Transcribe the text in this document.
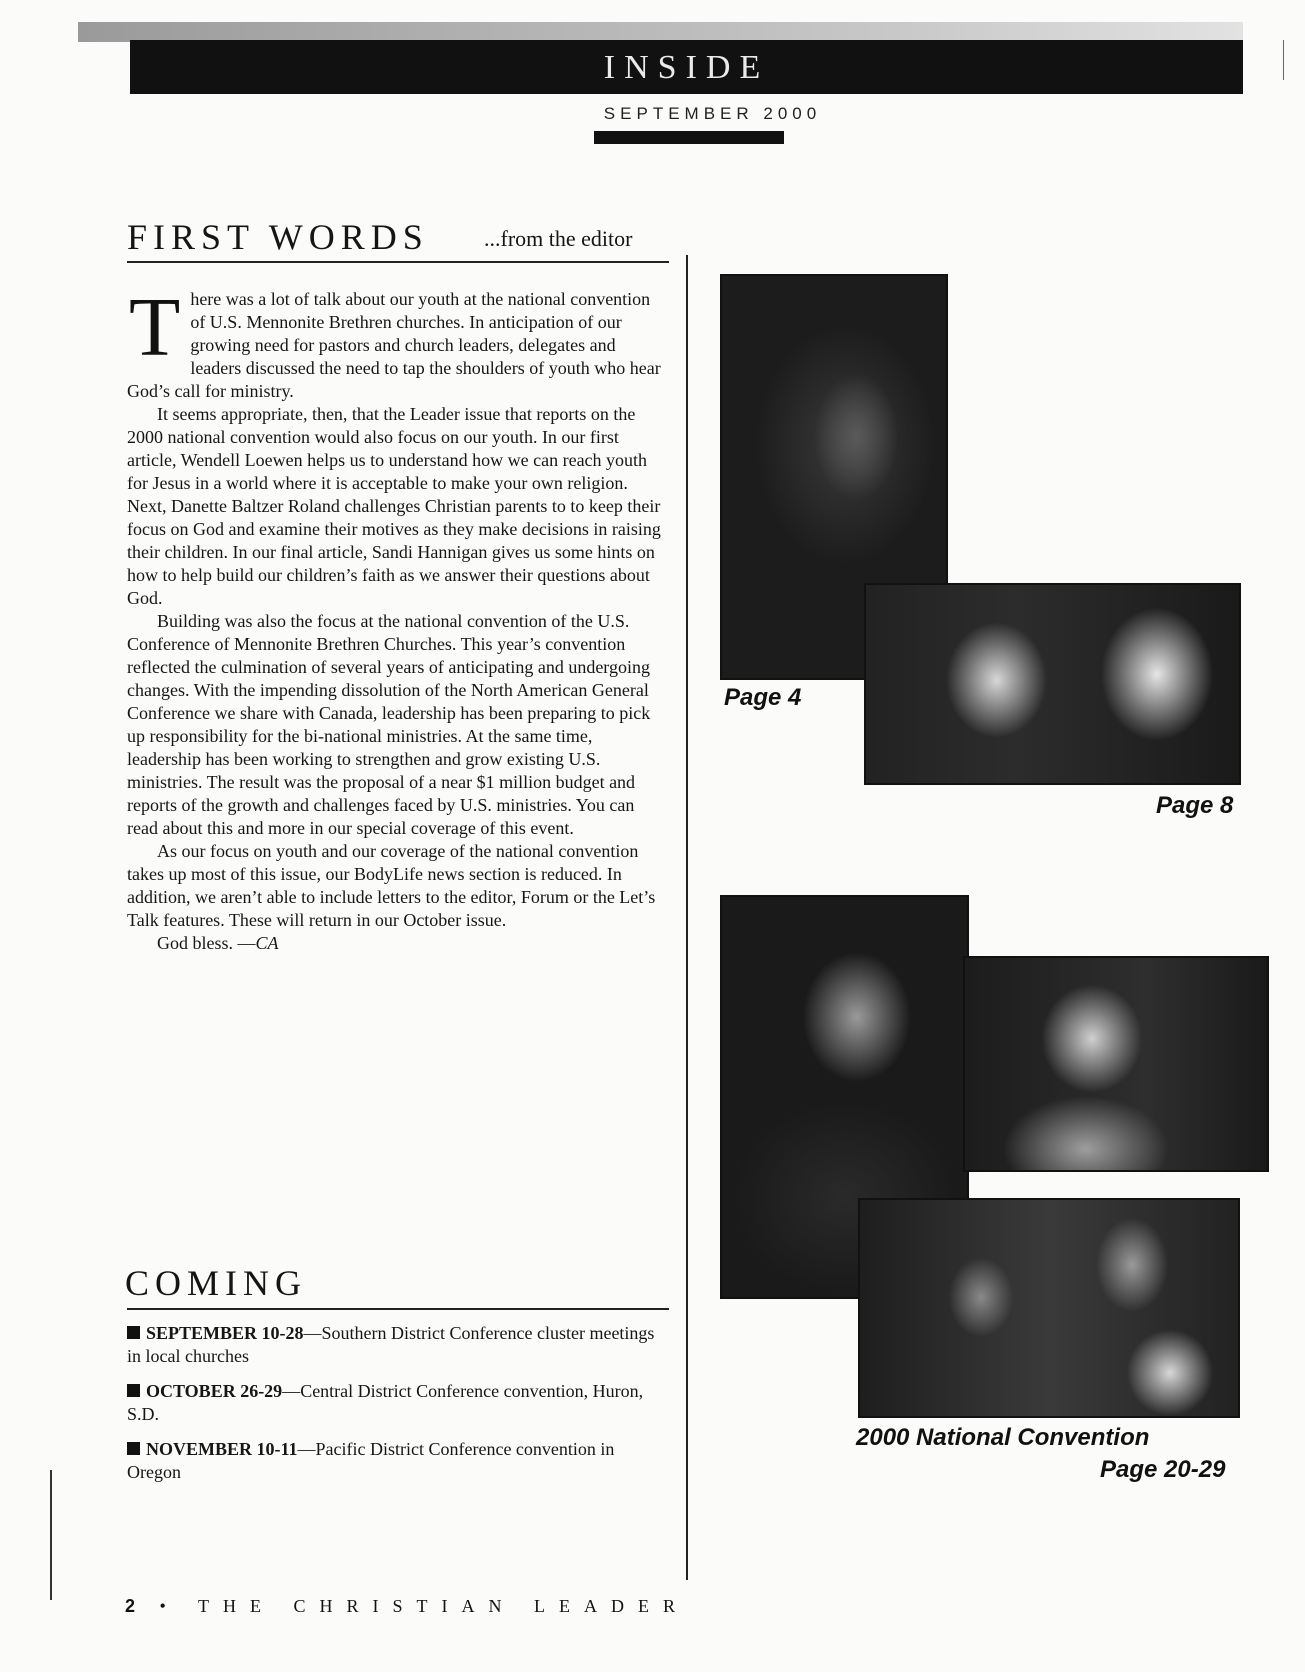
INSIDE
SEPTEMBER 2000
FIRST WORDS	...from the editor

There was a lot of talk about our youth at the national convention of U.S. Mennonite Brethren churches. In anticipation of our growing need for pastors and church leaders, delegates and leaders discussed the need to tap the shoulders of youth who hear God’s call for ministry.

It seems appropriate, then, that the Leader issue that reports on the 2000 national convention would also focus on our youth. In our first article, Wendell Loewen helps us to understand how we can reach youth for Jesus in a world where it is acceptable to make your own religion. Next, Danette Baltzer Roland challenges Christian parents to to keep their focus on God and examine their motives as they make decisions in raising their children. In our final article, Sandi Hannigan gives us some hints on how to help build our children’s faith as we answer their questions about God.

Building was also the focus at the national convention of the U.S. Conference of Mennonite Brethren Churches. This year’s convention reflected the culmination of several years of anticipating and undergoing changes. With the impending dissolution of the North American General Conference we share with Canada, leadership has been preparing to pick up responsibility for the bi-national ministries. At the same time, leadership has been working to strengthen and grow existing U.S. ministries. The result was the proposal of a near $1 million budget and reports of the growth and challenges faced by U.S. ministries. You can read about this and more in our special coverage of this event.

As our focus on youth and our coverage of the national convention takes up most of this issue, our BodyLife news section is reduced. In addition, we aren’t able to include letters to the editor, Forum or the Let’s Talk features. These will return in our October issue.

God bless. —CA

COMING
SEPTEMBER 10-28—Southern District Conference cluster meetings in local churches
OCTOBER 26-29—Central District Conference convention, Huron, S.D.
NOVEMBER 10-11—Pacific District Conference convention in Oregon
2 • THE CHRISTIAN LEADER
Page 4
Page 8
2000 National Convention
Page 20-29
